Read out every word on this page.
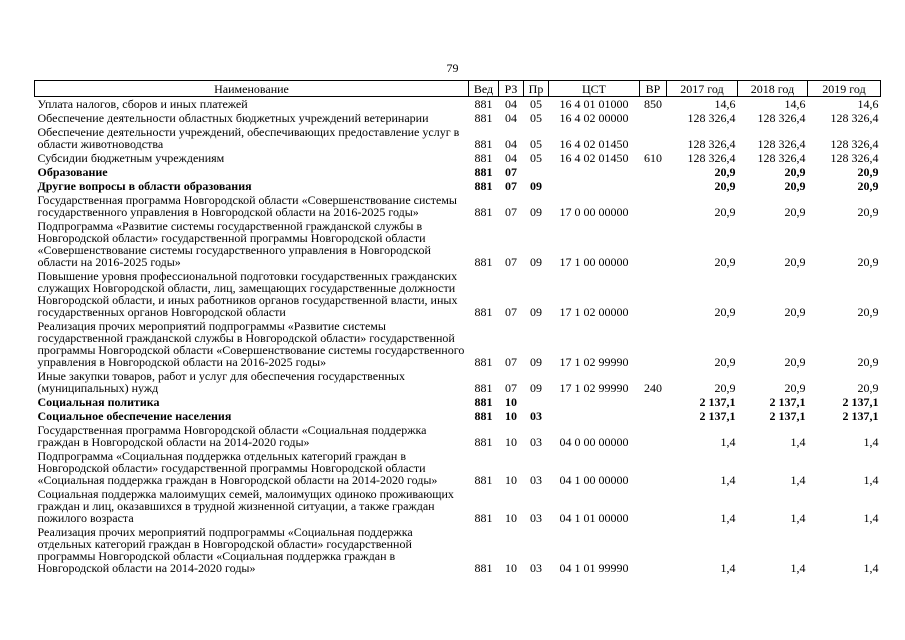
79
Наименование	Вед	РЗ	Пр	ЦСТ	ВР	2017 год	2018 год	2019 год
Уплата налогов, сборов и иных платежей	881	04	05	16 4 01 01000	850	14,6	14,6	14,6
Обеспечение деятельности областных бюджетных учреждений ветеринарии	881	04	05	16 4 02 00000		128 326,4	128 326,4	128 326,4
Обеспечение деятельности учреждений, обеспечивающих предоставление услуг в области животноводства	881	04	05	16 4 02 01450		128 326,4	128 326,4	128 326,4
Субсидии бюджетным учреждениям	881	04	05	16 4 02 01450	610	128 326,4	128 326,4	128 326,4
Образование	881	07				20,9	20,9	20,9
Другие вопросы в области образования	881	07	09			20,9	20,9	20,9
Государственная программа Новгородской области «Совершенствование системы государственного управления в Новгородской области на 2016-2025 годы»	881	07	09	17 0 00 00000		20,9	20,9	20,9
Подпрограмма «Развитие системы государственной гражданской службы в Новгородской области» государственной программы Новгородской области «Совершенствование системы государственного управления в Новгородской области на 2016-2025 годы»	881	07	09	17 1 00 00000		20,9	20,9	20,9
Повышение уровня профессиональной подготовки государственных гражданских служащих Новгородской области, лиц, замещающих государственные должности Новгородской области, и иных работников органов государственной власти, иных государственных органов Новгородской области	881	07	09	17 1 02 00000		20,9	20,9	20,9
Реализация прочих мероприятий подпрограммы «Развитие системы государственной гражданской службы в Новгородской области» государственной программы Новгородской области «Совершенствование системы государственного управления в Новгородской области на 2016-2025 годы»	881	07	09	17 1 02 99990		20,9	20,9	20,9
Иные закупки товаров, работ и услуг для обеспечения государственных (муниципальных) нужд	881	07	09	17 1 02 99990	240	20,9	20,9	20,9
Социальная политика	881	10				2 137,1	2 137,1	2 137,1
Социальное обеспечение населения	881	10	03			2 137,1	2 137,1	2 137,1
Государственная программа Новгородской области «Социальная поддержка граждан в Новгородской области на 2014-2020 годы»	881	10	03	04 0 00 00000		1,4	1,4	1,4
Подпрограмма «Социальная поддержка отдельных категорий граждан в Новгородской области» государственной программы Новгородской области «Социальная поддержка граждан в Новгородской области на 2014-2020 годы»	881	10	03	04 1 00 00000		1,4	1,4	1,4
Социальная поддержка малоимущих семей, малоимущих одиноко проживающих граждан и лиц, оказавшихся в трудной жизненной ситуации, а также граждан пожилого возраста	881	10	03	04 1 01 00000		1,4	1,4	1,4
Реализация прочих мероприятий подпрограммы «Социальная поддержка отдельных категорий граждан в Новгородской области» государственной программы Новгородской области «Социальная поддержка граждан в Новгородской области на 2014-2020 годы»	881	10	03	04 1 01 99990		1,4	1,4	1,4
